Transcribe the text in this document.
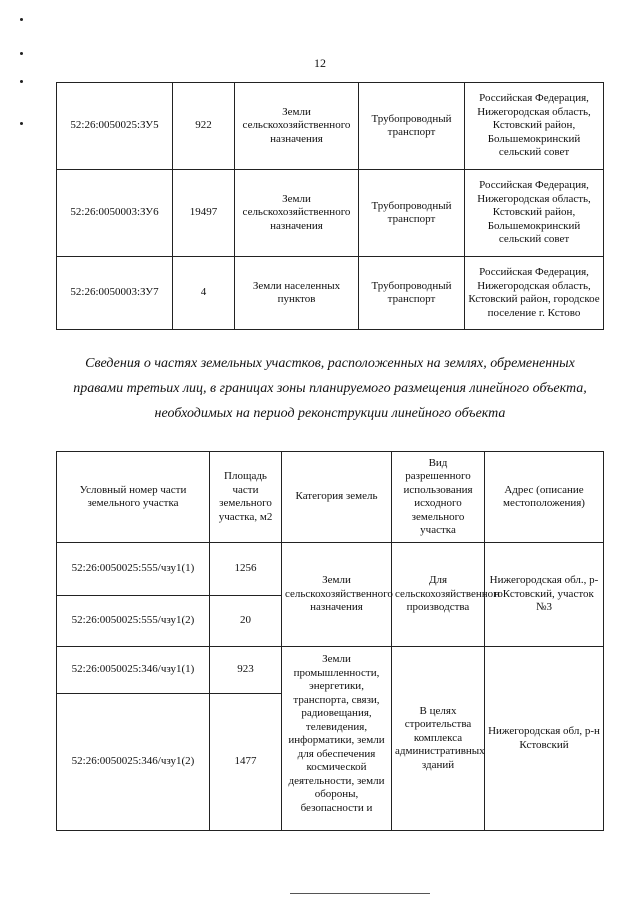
12
52:26:0050025:ЗУ5	922	Земли сельскохозяйственного назначения	Трубопроводный транспорт	Российская Федерация, Нижегородская область, Кстовский район, Большемокринский сельский совет
52:26:0050003:ЗУ6	19497	Земли сельскохозяйственного назначения	Трубопроводный транспорт	Российская Федерация, Нижегородская область, Кстовский район, Большемокринский сельский совет
52:26:0050003:ЗУ7	4	Земли населенных пунктов	Трубопроводный транспорт	Российская Федерация, Нижегородская область, Кстовский район, городское поселение г. Кстово
Сведения о частях земельных участков, расположенных на землях, обремененных правами третьих лиц, в границах зоны планируемого размещения линейного объекта, необходимых на период реконструкции линейного объекта
Условный номер части земельного участка	Площадь части земельного участка, м2	Категория земель	Вид разрешенного использования исходного земельного участка	Адрес (описание местоположения)
52:26:0050025:555/чзу1(1)	1256	Земли сельскохозяйственного назначения	Для сельскохозяйственного производства	Нижегородская обл., р-н Кстовский, участок №3
52:26:0050025:555/чзу1(2)	20			
52:26:0050025:346/чзу1(1)	923	Земли промышленности, энергетики, транспорта, связи, радиовещания, телевидения, информатики, земли для обеспечения космической деятельности, земли обороны, безопасности и	В целях строительства комплекса административных зданий	Нижегородская обл, р-н Кстовский
52:26:0050025:346/чзу1(2)	1477			
